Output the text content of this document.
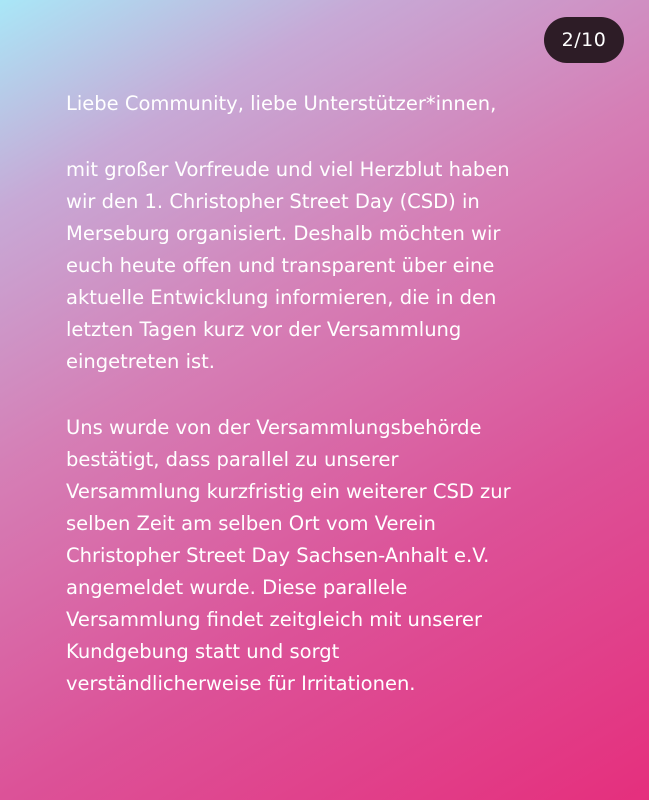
2/10
Liebe Community, liebe Unterstützer*innen,
mit großer Vorfreude und viel Herzblut haben
wir den 1. Christopher Street Day (CSD) in
Merseburg organisiert. Deshalb möchten wir
euch heute offen und transparent über eine
aktuelle Entwicklung informieren, die in den
letzten Tagen kurz vor der Versammlung
eingetreten ist.
Uns wurde von der Versammlungsbehörde
bestätigt, dass parallel zu unserer
Versammlung kurzfristig ein weiterer CSD zur
selben Zeit am selben Ort vom Verein
Christopher Street Day Sachsen-Anhalt e.V.
angemeldet wurde. Diese parallele
Versammlung findet zeitgleich mit unserer
Kundgebung statt und sorgt
verständlicherweise für Irritationen.
